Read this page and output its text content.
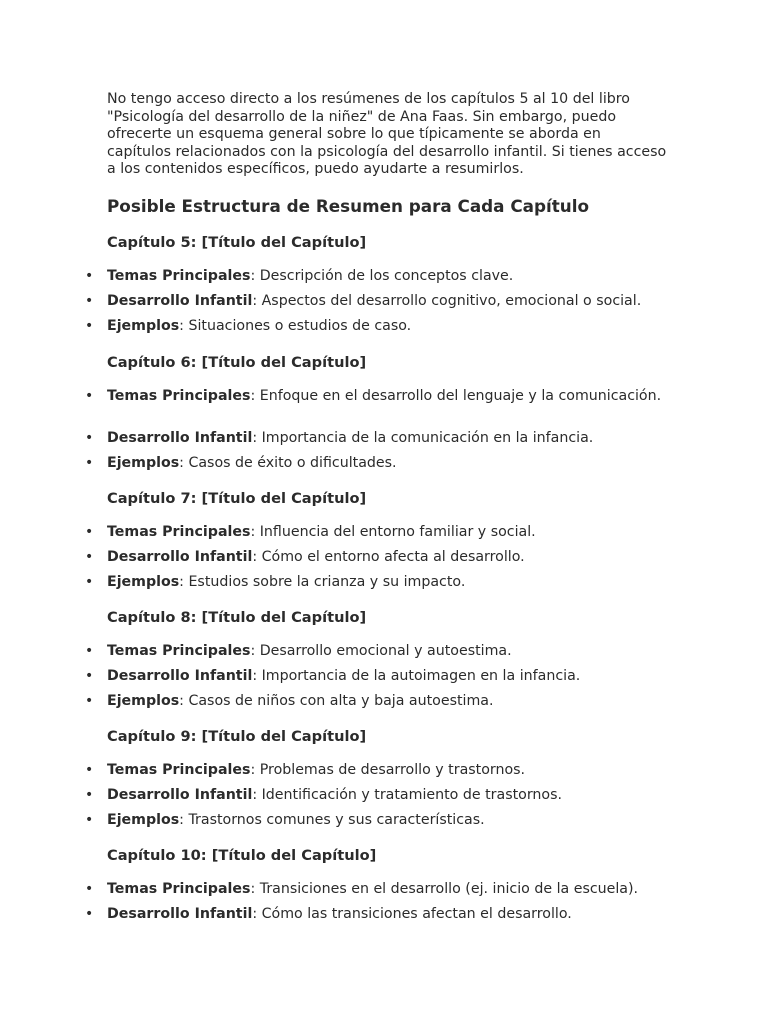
No tengo acceso directo a los resúmenes de los capítulos 5 al 10 del libro "Psicología del desarrollo de la niñez" de Ana Faas. Sin embargo, puedo ofrecerte un esquema general sobre lo que típicamente se aborda en capítulos relacionados con la psicología del desarrollo infantil. Si tienes acceso a los contenidos específicos, puedo ayudarte a resumirlos.

Posible Estructura de Resumen para Cada Capítulo
Capítulo 5: [Título del Capítulo]
• Temas Principales: Descripción de los conceptos clave.
• Desarrollo Infantil: Aspectos del desarrollo cognitivo, emocional o social.
• Ejemplos: Situaciones o estudios de caso.
Capítulo 6: [Título del Capítulo]
• Temas Principales: Enfoque en el desarrollo del lenguaje y la comunicación.
• Desarrollo Infantil: Importancia de la comunicación en la infancia.
• Ejemplos: Casos de éxito o dificultades.
Capítulo 7: [Título del Capítulo]
• Temas Principales: Influencia del entorno familiar y social.
• Desarrollo Infantil: Cómo el entorno afecta al desarrollo.
• Ejemplos: Estudios sobre la crianza y su impacto.
Capítulo 8: [Título del Capítulo]
• Temas Principales: Desarrollo emocional y autoestima.
• Desarrollo Infantil: Importancia de la autoimagen en la infancia.
• Ejemplos: Casos de niños con alta y baja autoestima.
Capítulo 9: [Título del Capítulo]
• Temas Principales: Problemas de desarrollo y trastornos.
• Desarrollo Infantil: Identificación y tratamiento de trastornos.
• Ejemplos: Trastornos comunes y sus características.
Capítulo 10: [Título del Capítulo]
• Temas Principales: Transiciones en el desarrollo (ej. inicio de la escuela).
• Desarrollo Infantil: Cómo las transiciones afectan el desarrollo.
